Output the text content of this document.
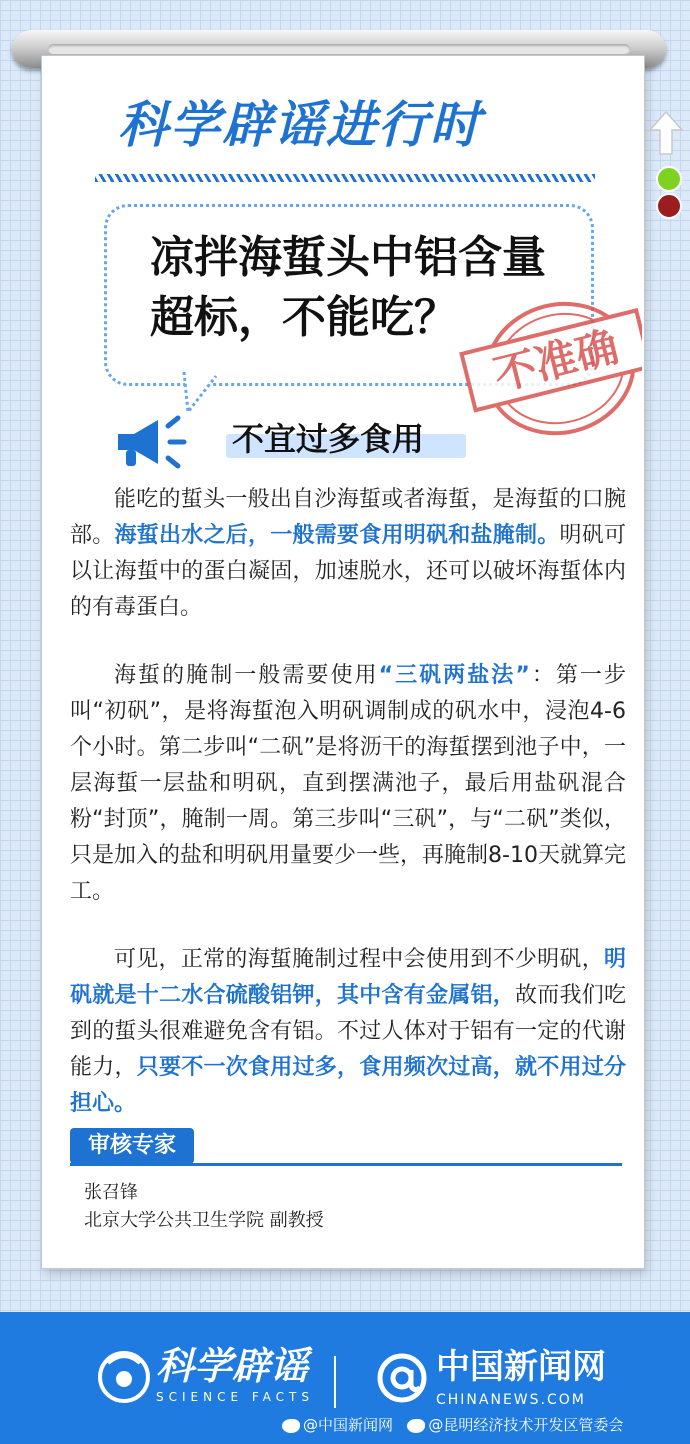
科学辟谣进行时
凉拌海蜇头中铝含量超标，不能吃？
不准确
不宜过多食用

能吃的蜇头一般出自沙海蜇或者海蜇，是海蜇的口腕部。海蜇出水之后，一般需要食用明矾和盐腌制。明矾可以让海蜇中的蛋白凝固，加速脱水，还可以破坏海蜇体内的有毒蛋白。

海蜇的腌制一般需要使用“三矾两盐法”：第一步叫“初矾”，是将海蜇泡入明矾调制成的矾水中，浸泡4-6个小时。第二步叫“二矾”是将沥干的海蜇摆到池子中，一层海蜇一层盐和明矾，直到摆满池子，最后用盐矾混合粉“封顶”，腌制一周。第三步叫“三矾”，与“二矾”类似，只是加入的盐和明矾用量要少一些，再腌制8-10天就算完工。

可见，正常的海蜇腌制过程中会使用到不少明矾，明矾就是十二水合硫酸铝钾，其中含有金属铝，故而我们吃到的蜇头很难避免含有铝。不过人体对于铝有一定的代谢能力，只要不一次食用过多，食用频次过高，就不用过分担心。

审核专家
张召锋
北京大学公共卫生学院 副教授
科学辟谣
SCIENCE FACTS
中国新闻网
CHINANEWS.COM
@中国新闻网 @昆明经济技术开发区管委会
